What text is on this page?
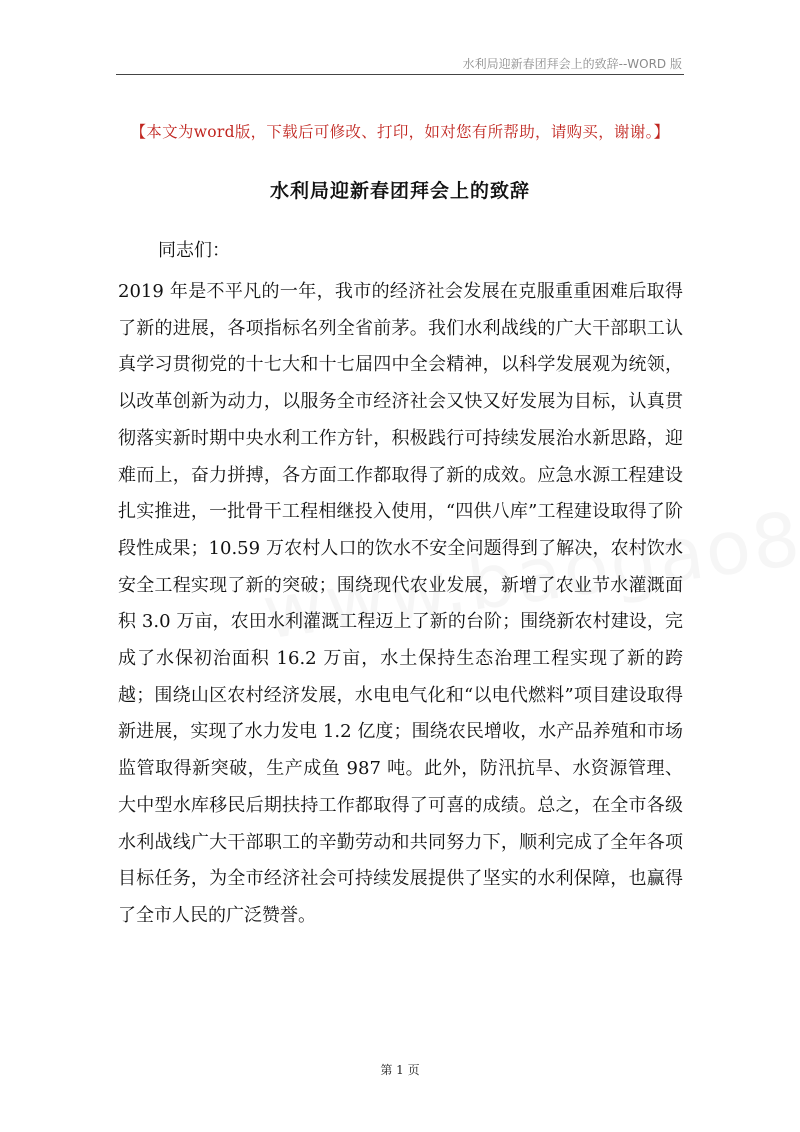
水利局迎新春团拜会上的致辞--WORD 版
【本文为word版，下载后可修改、打印，如对您有所帮助，请购买，谢谢。】
水利局迎新春团拜会上的致辞
同志们：

2019 年是不平凡的一年，我市的经济社会发展在克服重重困难后取得了新的进展，各项指标名列全省前茅。我们水利战线的广大干部职工认真学习贯彻党的十七大和十七届四中全会精神，以科学发展观为统领，以改革创新为动力，以服务全市经济社会又快又好发展为目标，认真贯彻落实新时期中央水利工作方针，积极践行可持续发展治水新思路，迎难而上，奋力拼搏，各方面工作都取得了新的成效。应急水源工程建设扎实推进，一批骨干工程相继投入使用，“四供八库”工程建设取得了阶段性成果；10.59 万农村人口的饮水不安全问题得到了解决，农村饮水安全工程实现了新的突破；围绕现代农业发展，新增了农业节水灌溉面积 3.0 万亩，农田水利灌溉工程迈上了新的台阶；围绕新农村建设，完成了水保初治面积 16.2 万亩，水土保持生态治理工程实现了新的跨越；围绕山区农村经济发展，水电电气化和“以电代燃料”项目建设取得新进展，实现了水力发电 1.2 亿度；围绕农民增收，水产品养殖和市场监管取得新突破，生产成鱼 987 吨。此外，防汛抗旱、水资源管理、大中型水库移民后期扶持工作都取得了可喜的成绩。总之，在全市各级水利战线广大干部职工的辛勤劳动和共同努力下，顺利完成了全年各项目标任务，为全市经济社会可持续发展提供了坚实的水利保障，也赢得了全市人民的广泛赞誉。

第 1 页
